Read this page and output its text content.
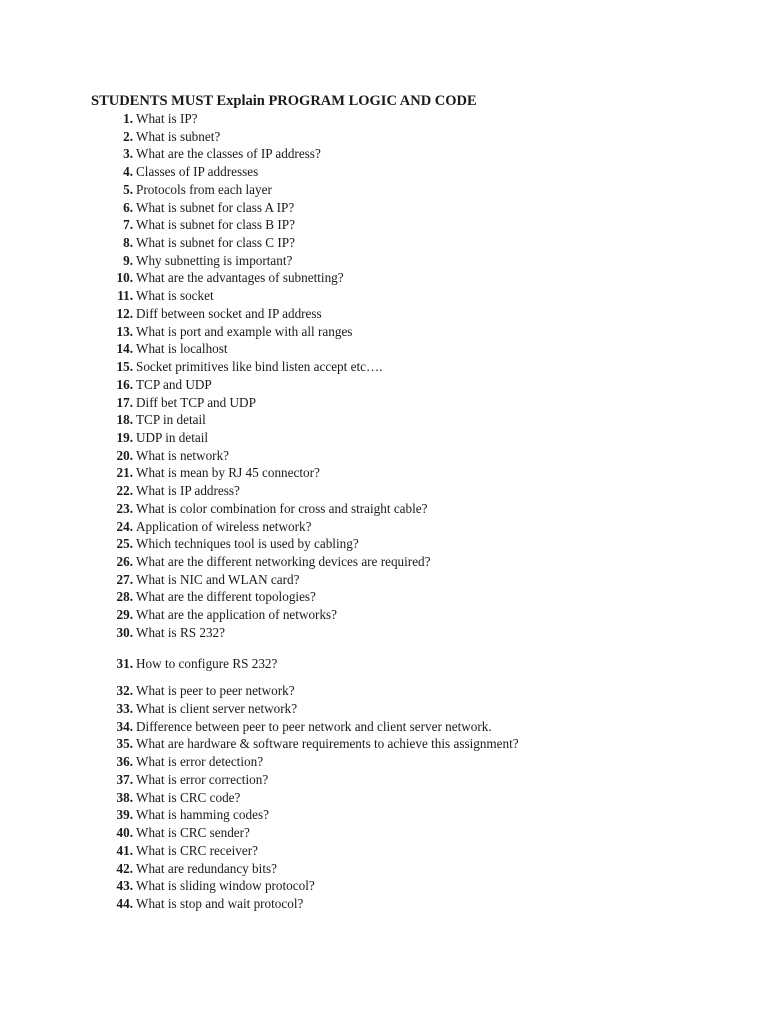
STUDENTS MUST Explain PROGRAM LOGIC AND CODE
1. What is IP?
2. What is subnet?
3. What are the classes of IP address?
4. Classes of IP addresses
5. Protocols from each layer
6. What is subnet for class A IP?
7. What is subnet for class B IP?
8. What is subnet for class C IP?
9. Why subnetting is important?
10. What are the advantages of subnetting?
11. What is socket
12. Diff between socket and IP address
13. What is port and example with all ranges
14. What is localhost
15. Socket primitives like bind listen accept etc….
16. TCP and UDP
17. Diff bet TCP and UDP
18. TCP in detail
19. UDP in detail
20. What is network?
21. What is mean by RJ 45 connector?
22. What is IP address?
23. What is color combination for cross and straight cable?
24. Application of wireless network?
25. Which techniques tool is used by cabling?
26. What are the different networking devices are required?
27. What is NIC and WLAN card?
28. What are the different topologies?
29. What are the application of networks?
30. What is RS 232?
31. How to configure RS 232?
32. What is peer to peer network?
33. What is client server network?
34. Difference between peer to peer network and client server network.
35. What are hardware & software requirements to achieve this assignment?
36. What is error detection?
37. What is error correction?
38. What is CRC code?
39. What is hamming codes?
40. What is CRC sender?
41. What is CRC receiver?
42. What are redundancy bits?
43. What is sliding window protocol?
44. What is stop and wait protocol?
